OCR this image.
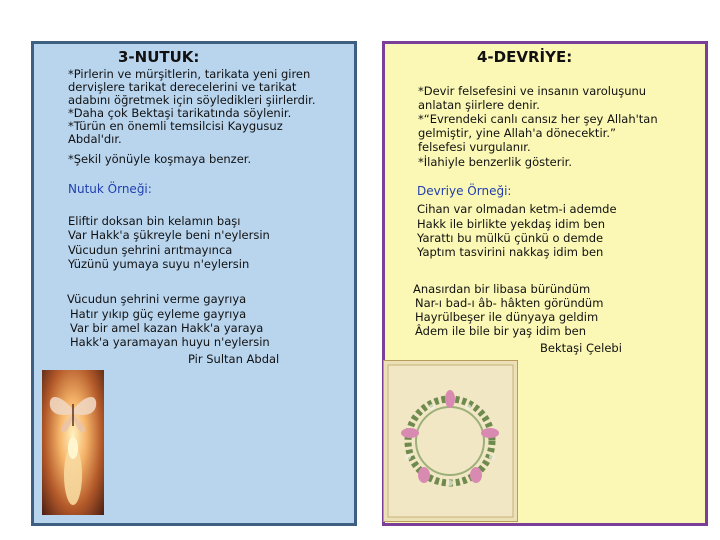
3-NUTUK:
*Pirlerin ve mürşitlerin, tarikata yeni giren
dervişlere tarikat derecelerini ve tarikat
adabını öğretmek için söyledikleri şiirlerdir.
*Daha çok Bektaşi tarikatında söylenir.
*Türün en önemli temsilcisi Kaygusuz
Abdal'dır.
*Şekil yönüyle koşmaya benzer.
Nutuk Örneği:
Eliftir doksan bin kelamın başı
Var Hakk'a şükreyle beni n'eylersin
Vücudun şehrini arıtmayınca
Yüzünü yumaya suyu n'eylersin
Vücudun şehrini verme gayrıya
Hatır yıkıp güç eyleme gayrıya
Var bir amel kazan Hakk'a yaraya
Hakk'a yaramayan huyu n'eylersin
Pir Sultan Abdal
4-DEVRİYE:
*Devir felsefesini ve insanın varoluşunu
anlatan şiirlere denir.
*“Evrendeki canlı cansız her şey Allah'tan
gelmiştir, yine Allah'a dönecektir.”
felsefesi vurgulanır.
*İlahiyle benzerlik gösterir.
Devriye Örneği:
Cihan var olmadan ketm-i ademde
Hakk ile birlikte yekdaş idim ben
Yarattı bu mülkü çünkü o demde
Yaptım tasvirini nakkaş idim ben
Anasırdan bir libasa büründüm
Nar-ı bad-ı âb- hâkten göründüm
Hayrülbeşer ile dünyaya geldim
Âdem ile bile bir yaş idim ben
Bektaşi Çelebi
